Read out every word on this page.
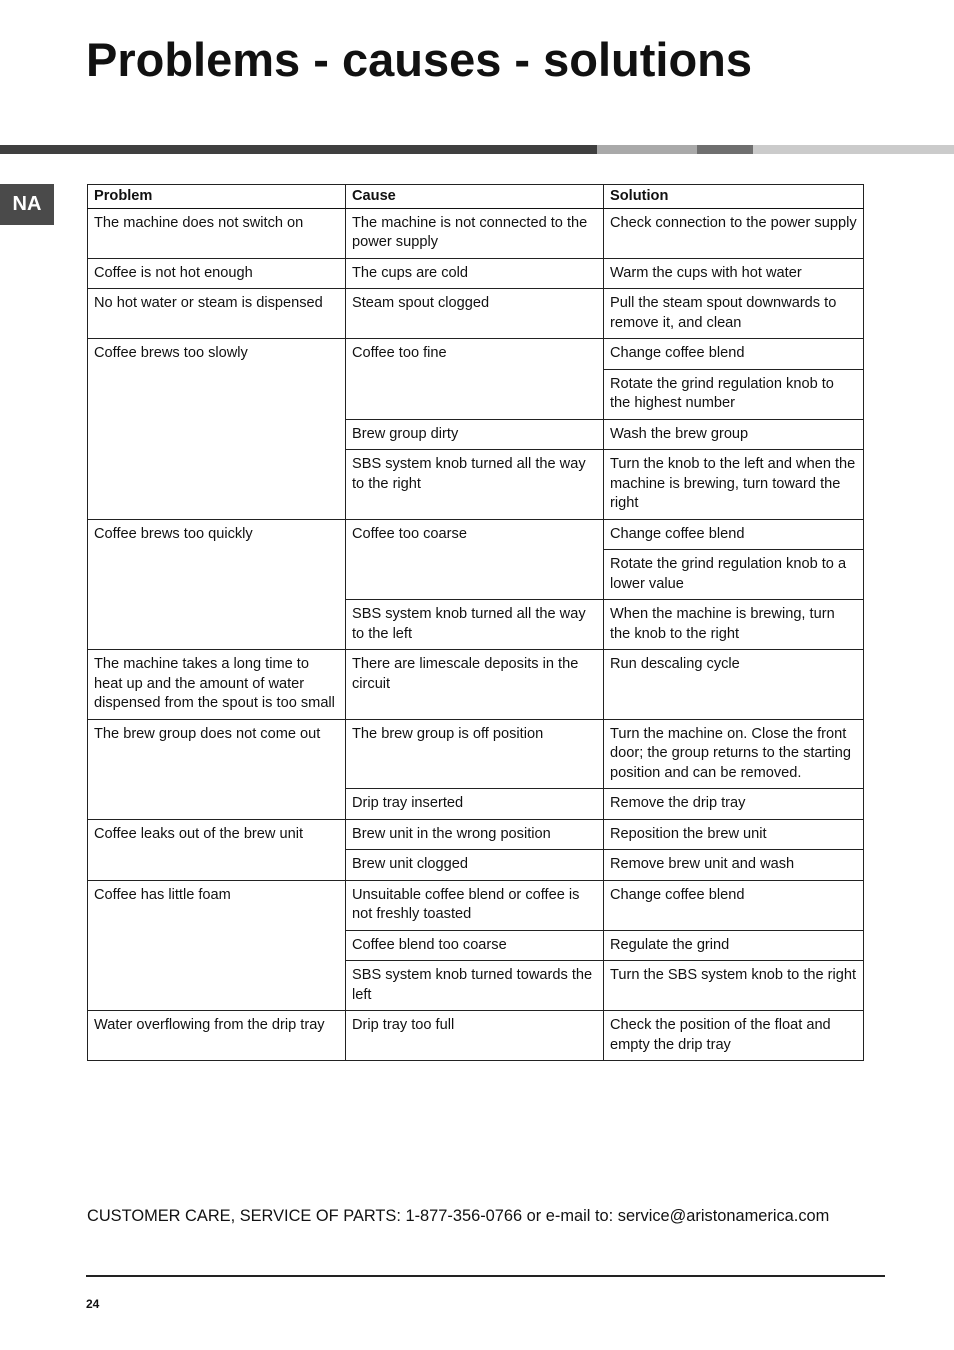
Problems - causes - solutions
NA	Problem	Cause	Solution
The machine does not switch on	The machine is not connected to the power supply	Check connection to the power supply
Coffee is not hot enough	The cups are cold	Warm the cups with hot water
No hot water or steam is dispensed	Steam spout clogged	Pull the steam spout downwards to remove it, and clean
Coffee brews too slowly	Coffee too fine	Change coffee blend
		Rotate the grind regulation knob to the highest number
	Brew group dirty	Wash the brew group
	SBS system knob turned all the way to the right	Turn the knob to the left and when the machine is brewing, turn toward the right
Coffee brews too quickly	Coffee too coarse	Change coffee blend
		Rotate the grind regulation knob to a lower value
	SBS system knob turned all the way to the left	When the machine is brewing, turn the knob to the right
The machine takes a long time to heat up and the amount of water dispensed from the spout is too small	There are limescale deposits in the circuit	Run descaling cycle
The brew group does not come out	The brew group is off position	Turn the machine on. Close the front door; the group returns to the starting position and can be removed.
	Drip tray inserted	Remove the drip tray
Coffee leaks out of the brew unit	Brew unit in the wrong position	Reposition the brew unit
	Brew unit clogged	Remove brew unit and wash
Coffee has little foam	Unsuitable coffee blend or coffee is not freshly toasted	Change coffee blend
	Coffee blend too coarse	Regulate the grind
	SBS system knob turned towards the left	Turn the SBS system knob to the right
Water overflowing from the drip tray	Drip tray too full	Check the position of the float and empty the drip tray

CUSTOMER CARE, SERVICE OF PARTS: 1-877-356-0766 or e-mail to: service@aristonamerica.com

24
